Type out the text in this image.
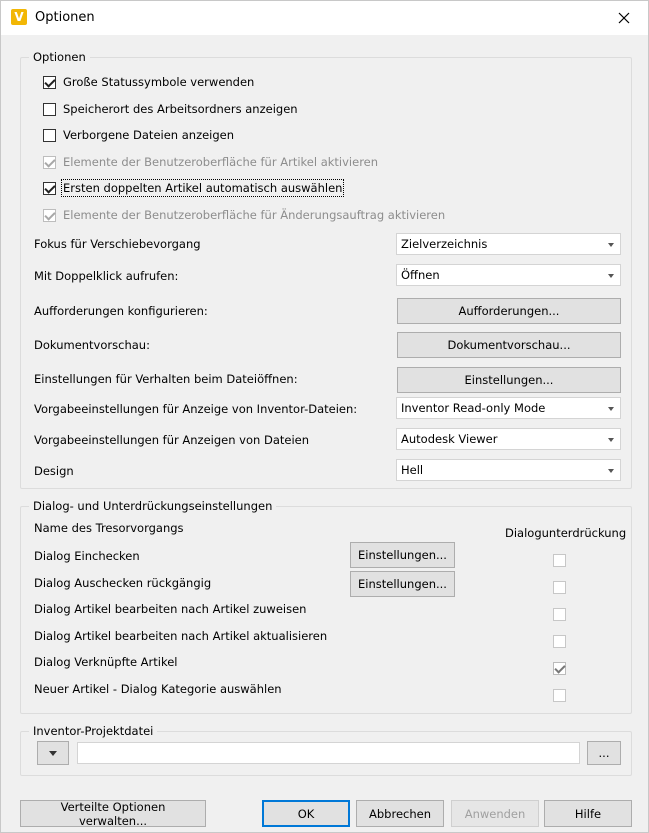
V Optionen
Optionen
Große Statussymbole verwenden
Speicherort des Arbeitsordners anzeigen
Verborgene Dateien anzeigen
Elemente der Benutzeroberfläche für Artikel aktivieren
Ersten doppelten Artikel automatisch auswählen
Elemente der Benutzeroberfläche für Änderungsauftrag aktivieren
Fokus für Verschiebevorgang	Zielverzeichnis
Mit Doppelklick aufrufen:	Öffnen
Aufforderungen konfigurieren:	Aufforderungen...
Dokumentvorschau:	Dokumentvorschau...
Einstellungen für Verhalten beim Dateiöffnen:	Einstellungen...
Vorgabeeinstellungen für Anzeige von Inventor-Dateien:	Inventor Read-only Mode
Vorgabeeinstellungen für Anzeigen von Dateien	Autodesk Viewer
Design	Hell
Dialog- und Unterdrückungseinstellungen
Name des Tresorvorgangs	Dialogunterdrückung
Dialog Einchecken	Einstellungen...
Dialog Auschecken rückgängig	Einstellungen...
Dialog Artikel bearbeiten nach Artikel zuweisen
Dialog Artikel bearbeiten nach Artikel aktualisieren
Dialog Verknüpfte Artikel
Neuer Artikel - Dialog Kategorie auswählen
Inventor-Projektdatei
...
Verteilte Optionen verwalten...	OK	Abbrechen	Anwenden	Hilfe
